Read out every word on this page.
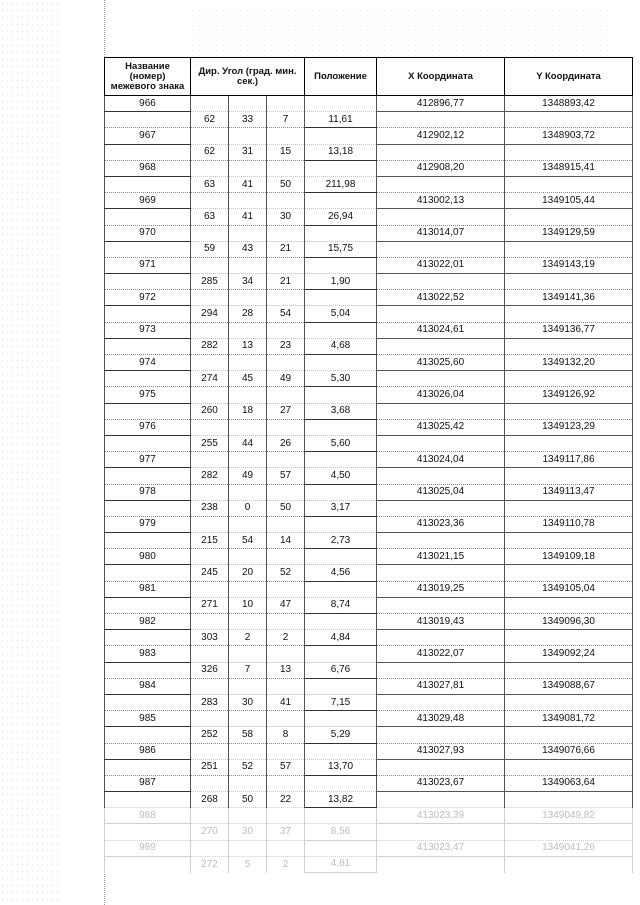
Название (номер) межевого знака	Дир. Угол (град. мин. сек.)			Положение	X Координата	Y Координата
966					412896,77	1348893,42
	62	33	7	11,61		
967					412902,12	1348903,72
	62	31	15	13,18		
968					412908,20	1348915,41
	63	41	50	211,98		
969					413002,13	1349105,44
	63	41	30	26,94		
970					413014,07	1349129,59
	59	43	21	15,75		
971					413022,01	1349143,19
	285	34	21	1,90		
972					413022,52	1349141,36
	294	28	54	5,04		
973					413024,61	1349136,77
	282	13	23	4,68		
974					413025,60	1349132,20
	274	45	49	5,30		
975					413026,04	1349126,92
	260	18	27	3,68		
976					413025,42	1349123,29
	255	44	26	5,60		
977					413024,04	1349117,86
	282	49	57	4,50		
978					413025,04	1349113,47
	238	0	50	3,17		
979					413023,36	1349110,78
	215	54	14	2,73		
980					413021,15	1349109,18
	245	20	52	4,56		
981					413019,25	1349105,04
	271	10	47	8,74		
982					413019,43	1349096,30
	303	2	2	4,84		
983					413022,07	1349092,24
	326	7	13	6,76		
984					413027,81	1349088,67
	283	30	41	7,15		
985					413029,48	1349081,72
	252	58	8	5,29		
986					413027,93	1349076,66
	251	52	57	13,70		
987					413023,67	1349063,64
	268	50	22	13,82		
988					413023,39	1349049,82
	270	30	37	8,56		
989					413023,47	1349041,26
	272	5	2	4,81		
